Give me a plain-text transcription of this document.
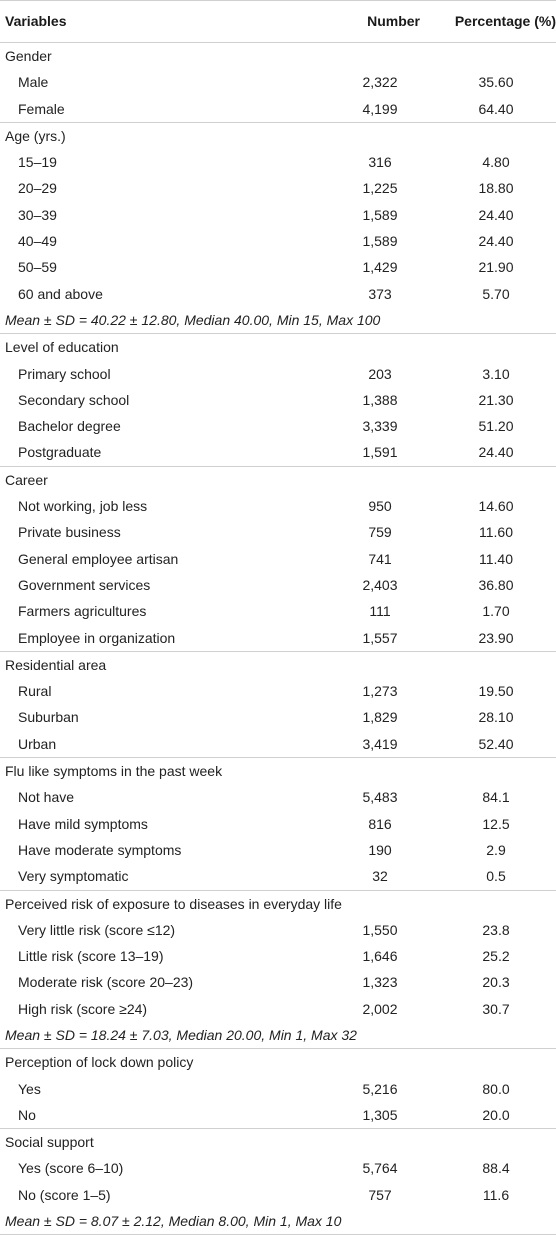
Variables	Number	Percentage (%)
Gender
Male	2,322	35.60
Female	4,199	64.40
Age (yrs.)
15–19	316	4.80
20–29	1,225	18.80
30–39	1,589	24.40
40–49	1,589	24.40
50–59	1,429	21.90
60 and above	373	5.70
Mean ± SD = 40.22 ± 12.80, Median 40.00, Min 15, Max 100
Level of education
Primary school	203	3.10
Secondary school	1,388	21.30
Bachelor degree	3,339	51.20
Postgraduate	1,591	24.40
Career
Not working, job less	950	14.60
Private business	759	11.60
General employee artisan	741	11.40
Government services	2,403	36.80
Farmers agricultures	111	1.70
Employee in organization	1,557	23.90
Residential area
Rural	1,273	19.50
Suburban	1,829	28.10
Urban	3,419	52.40
Flu like symptoms in the past week
Not have	5,483	84.1
Have mild symptoms	816	12.5
Have moderate symptoms	190	2.9
Very symptomatic	32	0.5
Perceived risk of exposure to diseases in everyday life
Very little risk (score ≤12)	1,550	23.8
Little risk (score 13–19)	1,646	25.2
Moderate risk (score 20–23)	1,323	20.3
High risk (score ≥24)	2,002	30.7
Mean ± SD = 18.24 ± 7.03, Median 20.00, Min 1, Max 32
Perception of lock down policy
Yes	5,216	80.0
No	1,305	20.0
Social support
Yes (score 6–10)	5,764	88.4
No (score 1–5)	757	11.6
Mean ± SD = 8.07 ± 2.12, Median 8.00, Min 1, Max 10
